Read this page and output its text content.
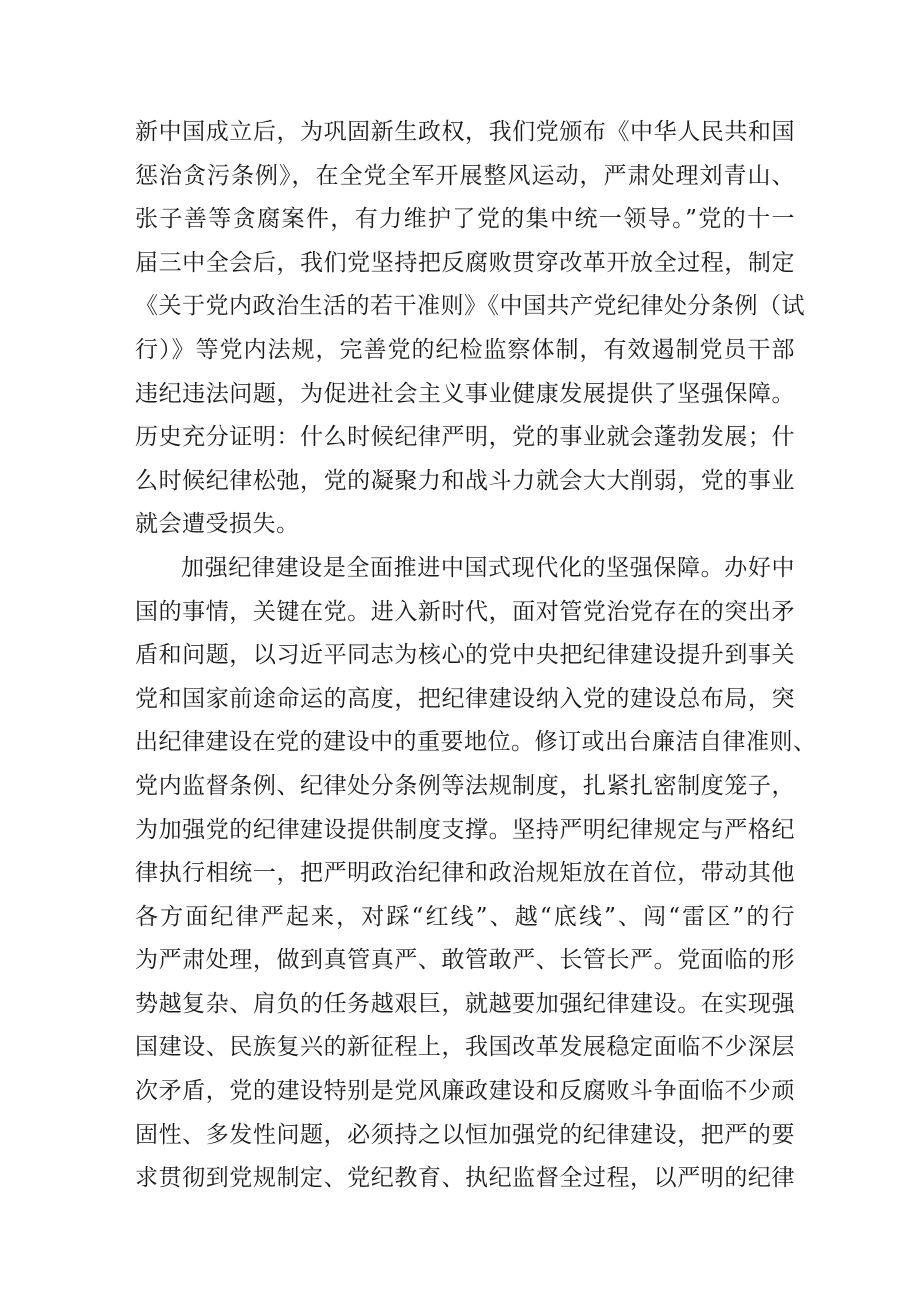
新中国成立后，为巩固新生政权，我们党颁布《中华人民共和国
惩治贪污条例》，在全党全军开展整风运动，严肃处理刘青山、
张子善等贪腐案件，有力维护了党的集中统一领导。”党的十一
届三中全会后，我们党坚持把反腐败贯穿改革开放全过程，制定
《关于党内政治生活的若干准则》《中国共产党纪律处分条例（试
行）》等党内法规，完善党的纪检监察体制，有效遏制党员干部
违纪违法问题，为促进社会主义事业健康发展提供了坚强保障。
历史充分证明：什么时候纪律严明，党的事业就会蓬勃发展；什
么时候纪律松弛，党的凝聚力和战斗力就会大大削弱，党的事业
就会遭受损失。
加强纪律建设是全面推进中国式现代化的坚强保障。办好中
国的事情，关键在党。进入新时代，面对管党治党存在的突出矛
盾和问题，以习近平同志为核心的党中央把纪律建设提升到事关
党和国家前途命运的高度，把纪律建设纳入党的建设总布局，突
出纪律建设在党的建设中的重要地位。修订或出台廉洁自律准则、
党内监督条例、纪律处分条例等法规制度，扎紧扎密制度笼子，
为加强党的纪律建设提供制度支撑。坚持严明纪律规定与严格纪
律执行相统一，把严明政治纪律和政治规矩放在首位，带动其他
各方面纪律严起来，对踩“红线”、越“底线”、闯“雷区”的行
为严肃处理，做到真管真严、敢管敢严、长管长严。党面临的形
势越复杂、肩负的任务越艰巨，就越要加强纪律建设。在实现强
国建设、民族复兴的新征程上，我国改革发展稳定面临不少深层
次矛盾，党的建设特别是党风廉政建设和反腐败斗争面临不少顽
固性、多发性问题，必须持之以恒加强党的纪律建设，把严的要
求贯彻到党规制定、党纪教育、执纪监督全过程，以严明的纪律
